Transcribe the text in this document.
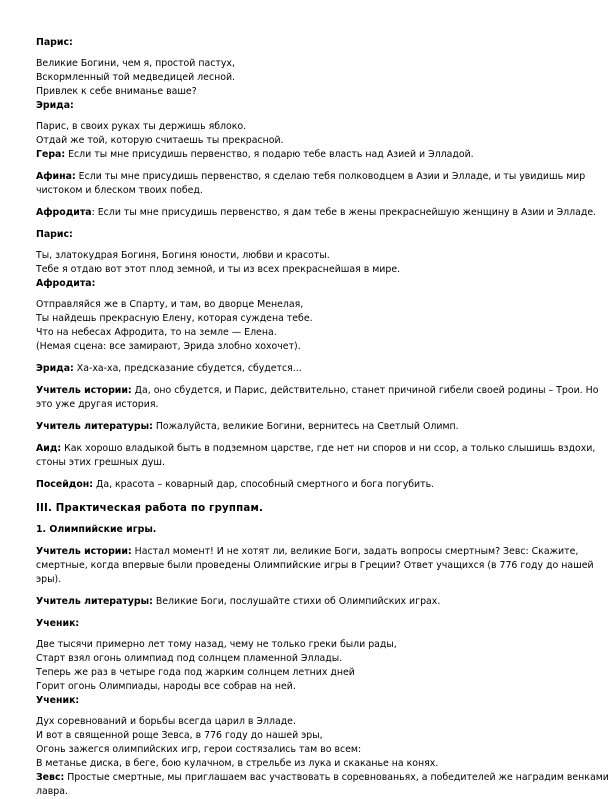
Парис:
Великие Богини, чем я, простой пастух,
Вскормленный той медведицей лесной.
Привлек к себе вниманье ваше?
Эрида:
Парис, в своих руках ты держишь яблоко.
Отдай же той, которую считаешь ты прекрасной.
Гера: Если ты мне присудишь первенство, я подарю тебе власть над Азией и Элладой.
Афина: Если ты мне присудишь первенство, я сделаю тебя полководцем в Азии и Элладе, и ты увидишь мир
чистоком и блеском твоих побед.
Афродита: Если ты мне присудишь первенство, я дам тебе в жены прекраснейшую женщину в Азии и Элладе.
Парис:
Ты, златокудрая Богиня, Богиня юности, любви и красоты.
Тебе я отдаю вот этот плод земной, и ты из всех прекраснейшая в мире.
Афродита:
Отправляйся же в Спарту, и там, во дворце Менелая,
Ты найдешь прекрасную Елену, которая суждена тебе.
Что на небесах Афродита, то на земле — Елена.
(Немая сцена: все замирают, Эрида злобно хохочет).
Эрида: Ха-ха-ха, предсказание сбудется, сбудется...
Учитель истории: Да, оно сбудется, и Парис, действительно, станет причиной гибели своей родины – Трои. Но
это уже другая история.
Учитель литературы: Пожалуйста, великие Богини, вернитесь на Светлый Олимп.
Аид: Как хорошо владыкой быть в подземном царстве, где нет ни споров и ни ссор, а только слышишь вздохи,
стоны этих грешных душ.
Посейдон: Да, красота – коварный дар, способный смертного и бога погубить.
III. Практическая работа по группам.
1. Олимпийские игры.
Учитель истории: Настал момент! И не хотят ли, великие Боги, задать вопросы смертным? Зевс: Скажите,
смертные, когда впервые были проведены Олимпийские игры в Греции? Ответ учащихся (в 776 году до нашей
эры).
Учитель литературы: Великие Боги, послушайте стихи об Олимпийских играх.
Ученик:
Две тысячи примерно лет тому назад, чему не только греки были рады,
Старт взял огонь олимпиад под солнцем пламенной Эллады.
Теперь же раз в четыре года под жарким солнцем летних дней
Горит огонь Олимпиады, народы все собрав на ней.
Ученик:
Дух соревнований и борьбы всегда царил в Элладе.
И вот в священной роще Зевса, в 776 году до нашей эры,
Огонь зажегся олимпийских игр, герои состязались там во всем:
В метанье диска, в беге, бою кулачном, в стрельбе из лука и скаканье на конях.
Зевс: Простые смертные, мы приглашаем вас участвовать в соревнованьях, а победителей же наградим венками
лавра.
